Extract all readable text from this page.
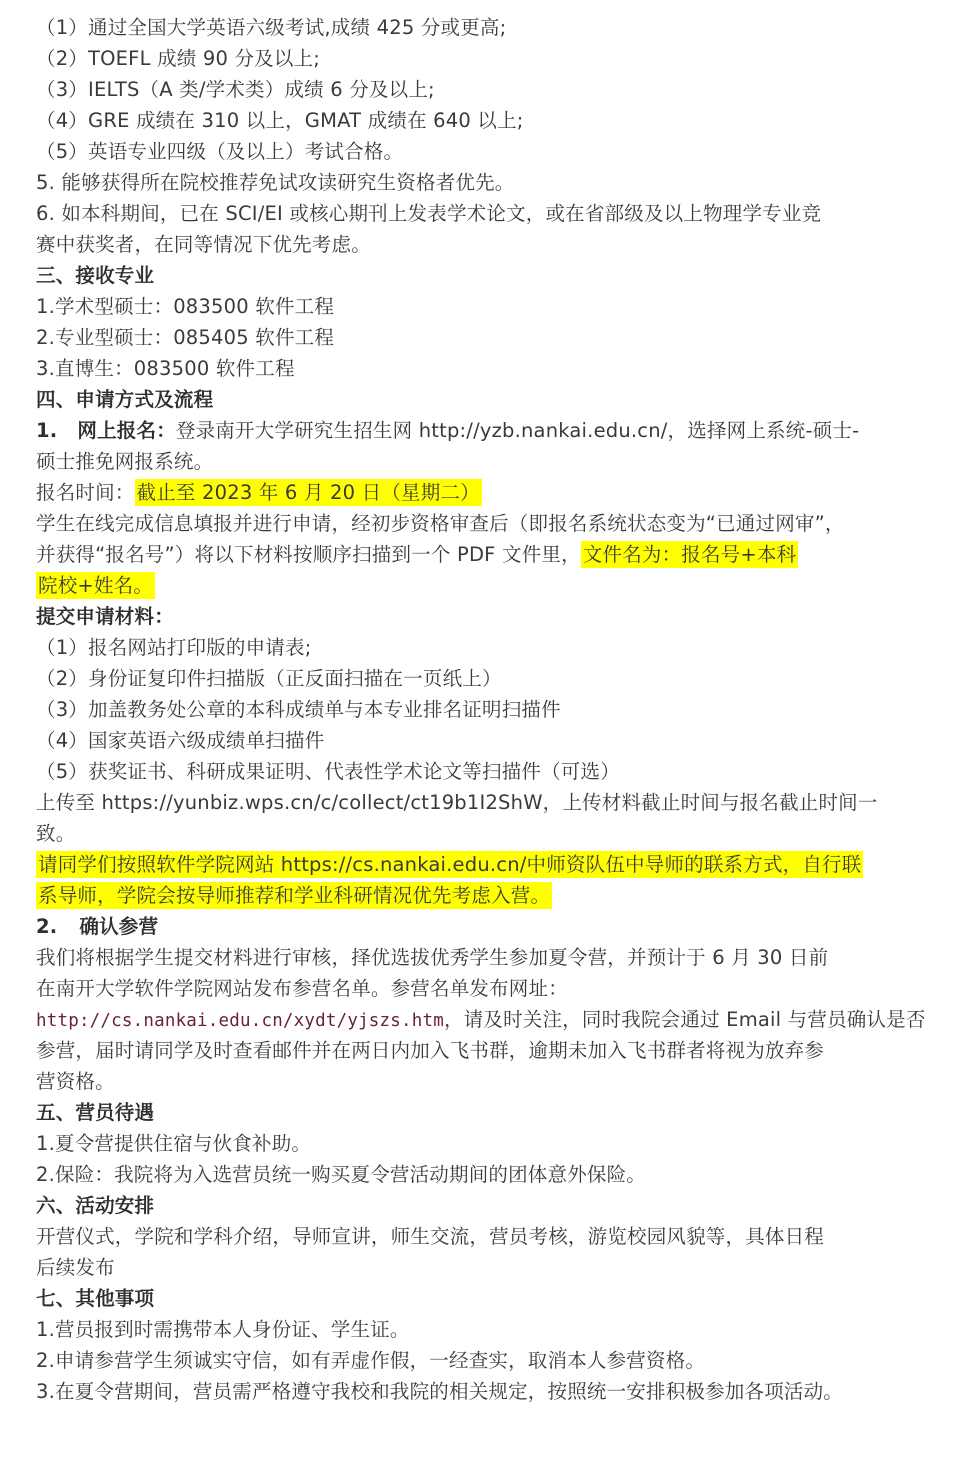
（1）通过全国大学英语六级考试,成绩 425 分或更高;
（2）TOEFL 成绩 90 分及以上;
（3）IELTS（A 类/学术类）成绩 6 分及以上;
（4）GRE 成绩在 310 以上，GMAT 成绩在 640 以上;
（5）英语专业四级（及以上）考试合格。
5. 能够获得所在院校推荐免试攻读研究生资格者优先。
6. 如本科期间，已在 SCI/EI 或核心期刊上发表学术论文，或在省部级及以上物理学专业竞
赛中获奖者，在同等情况下优先考虑。
三、接收专业
1.学术型硕士：083500 软件工程
2.专业型硕士：085405 软件工程
3.直博生：083500 软件工程
四、申请方式及流程
1. 网上报名：登录南开大学研究生招生网 http://yzb.nankai.edu.cn/，选择网上系统-硕士-
硕士推免网报系统。
报名时间： 截止至 2023 年 6 月 20 日（星期二）
学生在线完成信息填报并进行申请，经初步资格审查后（即报名系统状态变为“已通过网审”，
并获得“报名号”）将以下材料按顺序扫描到一个 PDF 文件里， 文件名为：报名号+本科
院校+姓名。
提交申请材料：
（1）报名网站打印版的申请表;
（2）身份证复印件扫描版（正反面扫描在一页纸上）
（3）加盖教务处公章的本科成绩单与本专业排名证明扫描件
（4）国家英语六级成绩单扫描件
（5）获奖证书、科研成果证明、代表性学术论文等扫描件（可选）
上传至 https://yunbiz.wps.cn/c/collect/ct19b1I2ShW，上传材料截止时间与报名截止时间一
致。
请同学们按照软件学院网站 https://cs.nankai.edu.cn/中师资队伍中导师的联系方式，自行联
系导师，学院会按导师推荐和学业科研情况优先考虑入营。
2. 确认参营
我们将根据学生提交材料进行审核，择优选拔优秀学生参加夏令营，并预计于 6 月 30 日前
在南开大学软件学院网站发布参营名单。参营名单发布网址：
http://cs.nankai.edu.cn/xydt/yjszs.htm，请及时关注，同时我院会通过 Email 与营员确认是否
参营，届时请同学及时查看邮件并在两日内加入飞书群，逾期未加入飞书群者将视为放弃参
营资格。
五、营员待遇
1.夏令营提供住宿与伙食补助。
2.保险：我院将为入选营员统一购买夏令营活动期间的团体意外保险。
六、活动安排
开营仪式，学院和学科介绍，导师宣讲，师生交流，营员考核，游览校园风貌等，具体日程
后续发布
七、其他事项
1.营员报到时需携带本人身份证、学生证。
2.申请参营学生须诚实守信，如有弄虚作假，一经查实，取消本人参营资格。
3.在夏令营期间，营员需严格遵守我校和我院的相关规定，按照统一安排积极参加各项活动。
